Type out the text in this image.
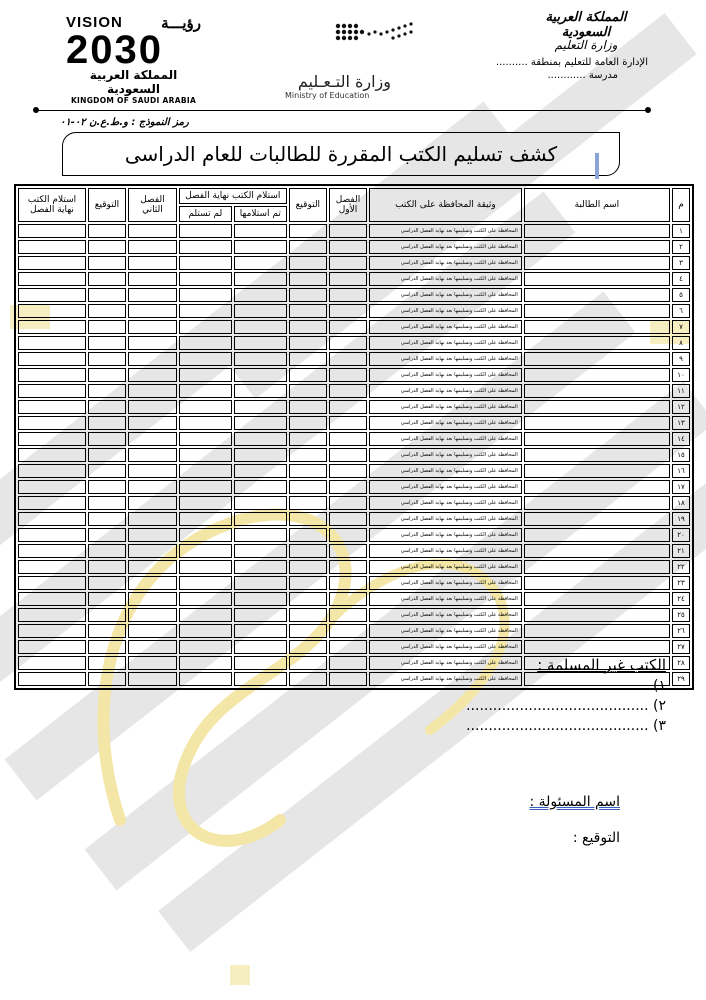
VISION	رؤيـــة
2030
المملكة العربية السعودية
KINGDOM OF SAUDI ARABIA
وزارة التـعـليم
Ministry of Education
المملكة العربية السعودية
وزارة التعليم
الإدارة العامة للتعليم بمنطقة ..........
مدرسة ............
رمز النموذج : و.ط.ع.ن ٠٢-٠١
كشف تسليم الكتب المقررة للطالبات للعام الدراسى
م	اسم الطالبة	وثيقة المحافظة على الكتب	الفصل الأول	التوقيع	استلام الكتب نهاية الفصل		الفصل الثاني	التوقيع	استلام الكتب نهاية الفصل
					تم استلامها	لم تستلم			
١		المحافظة على الكتب وتسليمها بعد نهاية الفصل الدراسي							
٢		المحافظة على الكتب وتسليمها بعد نهاية الفصل الدراسي							
٣		المحافظة على الكتب وتسليمها بعد نهاية الفصل الدراسي							
٤		المحافظة على الكتب وتسليمها بعد نهاية الفصل الدراسي							
٥		المحافظة على الكتب وتسليمها بعد نهاية الفصل الدراسي							
٦		المحافظة على الكتب وتسليمها بعد نهاية الفصل الدراسي							
٧		المحافظة على الكتب وتسليمها بعد نهاية الفصل الدراسي							
٨		المحافظة على الكتب وتسليمها بعد نهاية الفصل الدراسي							
٩		المحافظة على الكتب وتسليمها بعد نهاية الفصل الدراسي							
١٠		المحافظة على الكتب وتسليمها بعد نهاية الفصل الدراسي							
١١		المحافظة على الكتب وتسليمها بعد نهاية الفصل الدراسي							
١٢		المحافظة على الكتب وتسليمها بعد نهاية الفصل الدراسي							
١٣		المحافظة على الكتب وتسليمها بعد نهاية الفصل الدراسي							
١٤		المحافظة على الكتب وتسليمها بعد نهاية الفصل الدراسي							
١٥		المحافظة على الكتب وتسليمها بعد نهاية الفصل الدراسي							
١٦		المحافظة على الكتب وتسليمها بعد نهاية الفصل الدراسي							
١٧		المحافظة على الكتب وتسليمها بعد نهاية الفصل الدراسي							
١٨		المحافظة على الكتب وتسليمها بعد نهاية الفصل الدراسي							
١٩		المحافظة على الكتب وتسليمها بعد نهاية الفصل الدراسي							
٢٠		المحافظة على الكتب وتسليمها بعد نهاية الفصل الدراسي							
٢١		المحافظة على الكتب وتسليمها بعد نهاية الفصل الدراسي							
٢٢		المحافظة على الكتب وتسليمها بعد نهاية الفصل الدراسي							
٢٣		المحافظة على الكتب وتسليمها بعد نهاية الفصل الدراسي							
٢٤		المحافظة على الكتب وتسليمها بعد نهاية الفصل الدراسي							
٢٥		المحافظة على الكتب وتسليمها بعد نهاية الفصل الدراسي							
٢٦		المحافظة على الكتب وتسليمها بعد نهاية الفصل الدراسي							
٢٧		المحافظة على الكتب وتسليمها بعد نهاية الفصل الدراسي							
٢٨		المحافظة على الكتب وتسليمها بعد نهاية الفصل الدراسي							
٢٩		المحافظة على الكتب وتسليمها بعد نهاية الفصل الدراسي							
الكتب غير المسلمة :
١) .........................................
٢) .........................................
٣) .........................................
اسم المسئولة :
التوقيع :
